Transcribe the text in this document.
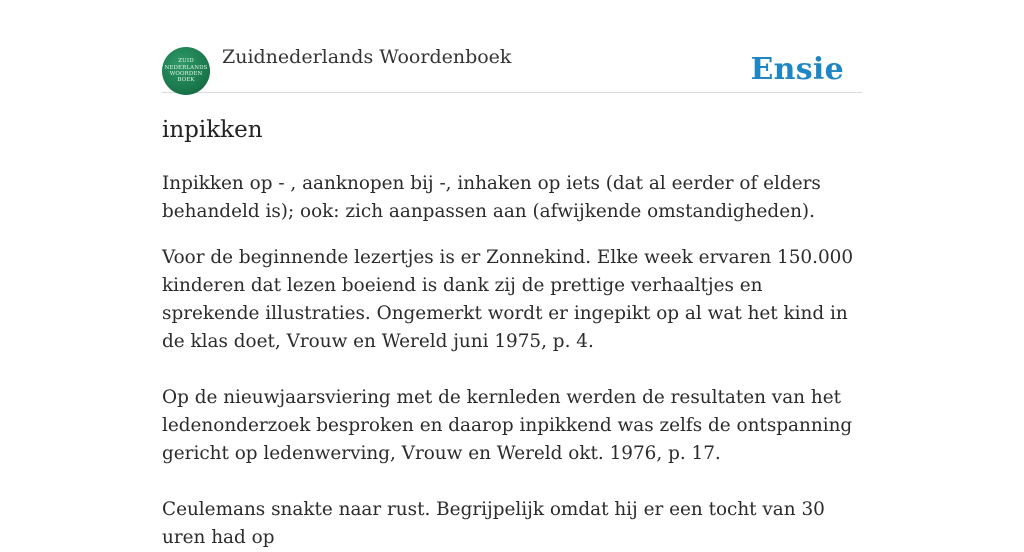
ZUID
NEDERLANDS
WOORDEN
BOEK
Zuidnederlands Woordenboek	Ensie
inpikken

Inpikken op - , aanknopen bij -, inhaken op iets (dat al eerder of elders behandeld is); ook: zich aanpassen aan (afwijkende omstandigheden).

Voor de beginnende lezertjes is er Zonnekind. Elke week ervaren 150.000 kinderen dat lezen boeiend is dank zij de prettige verhaaltjes en sprekende illustraties. Ongemerkt wordt er ingepikt op al wat het kind in de klas doet, Vrouw en Wereld juni 1975, p. 4.

Op de nieuwjaarsviering met de kernleden werden de resultaten van het ledenonderzoek besproken en daarop inpikkend was zelfs de ontspanning gericht op ledenwerving, Vrouw en Wereld okt. 1976, p. 17.

Ceulemans snakte naar rust. Begrijpelijk omdat hij er een tocht van 30 uren had op
